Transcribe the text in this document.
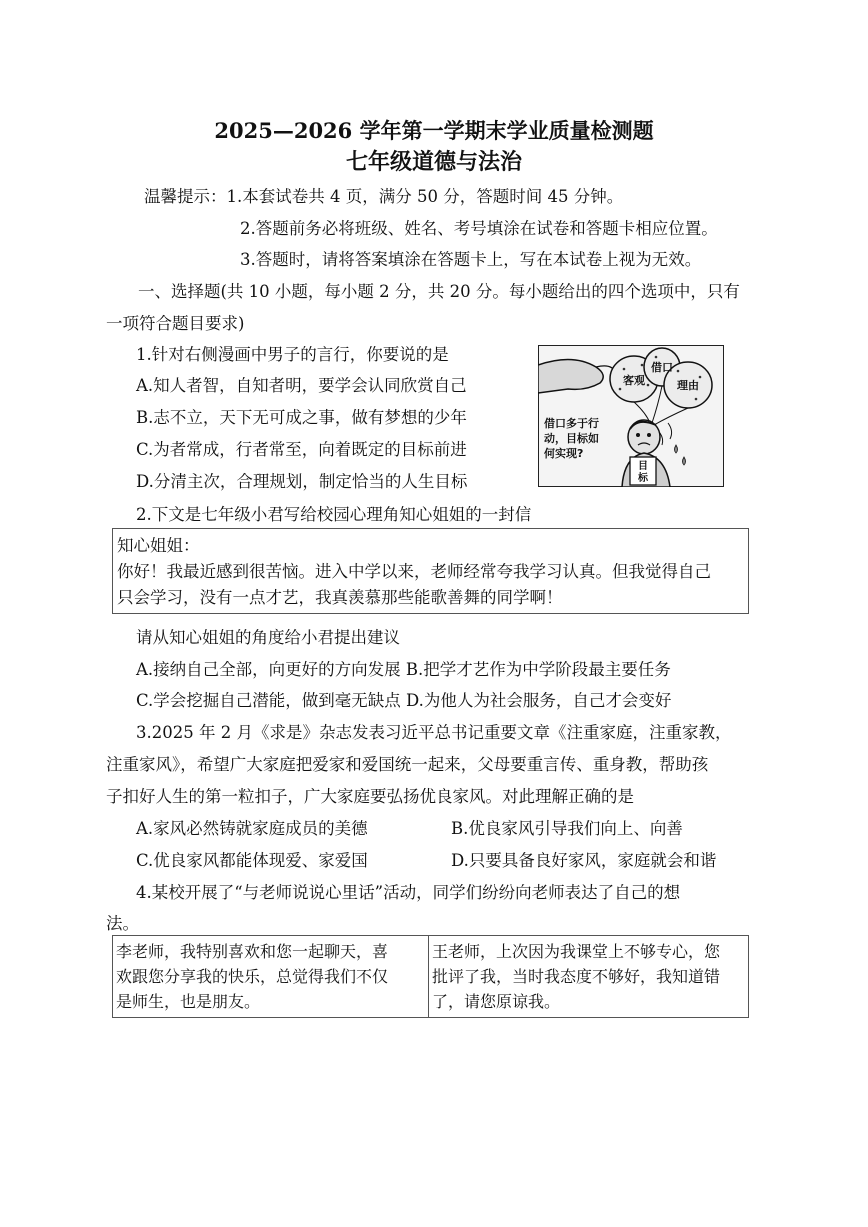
2025—2026 学年第一学期末学业质量检测题
七年级道德与法治
温馨提示：1.本套试卷共 4 页，满分 50 分，答题时间 45 分钟。
2.答题前务必将班级、姓名、考号填涂在试卷和答题卡相应位置。
3.答题时，请将答案填涂在答题卡上，写在本试卷上视为无效。
一、选择题(共 10 小题，每小题 2 分，共 20 分。每小题给出的四个选项中，只有
一项符合题目要求)
1.针对右侧漫画中男子的言行，你要说的是
A.知人者智，自知者明，要学会认同欣赏自己
B.志不立，天下无可成之事，做有梦想的少年
C.为者常成，行者常至，向着既定的目标前进
D.分清主次，合理规划，制定恰当的人生目标
客观
借口
理由
目
标
借口多于行
动，目标如
何实现?
2.下文是七年级小君写给校园心理角知心姐姐的一封信
知心姐姐：
你好！我最近感到很苦恼。进入中学以来，老师经常夸我学习认真。但我觉得自己
只会学习，没有一点才艺，我真羡慕那些能歌善舞的同学啊！
请从知心姐姐的角度给小君提出建议
A.接纳自己全部，向更好的方向发展 B.把学才艺作为中学阶段最主要任务
C.学会挖掘自己潜能，做到毫无缺点 D.为他人为社会服务，自己才会变好
3.2025 年 2 月《求是》杂志发表习近平总书记重要文章《注重家庭，注重家教，
注重家风》，希望广大家庭把爱家和爱国统一起来，父母要重言传、重身教，帮助孩
子扣好人生的第一粒扣子，广大家庭要弘扬优良家风。对此理解正确的是
A.家风必然铸就家庭成员的美德	B.优良家风引导我们向上、向善
C.优良家风都能体现爱、家爱国	D.只要具备良好家风，家庭就会和谐
4.某校开展了“与老师说说心里话”活动，同学们纷纷向老师表达了自己的想
法。
李老师，我特别喜欢和您一起聊天，喜
欢跟您分享我的快乐，总觉得我们不仅
是师生，也是朋友。
王老师，上次因为我课堂上不够专心，您
批评了我，当时我态度不够好，我知道错
了，请您原谅我。
